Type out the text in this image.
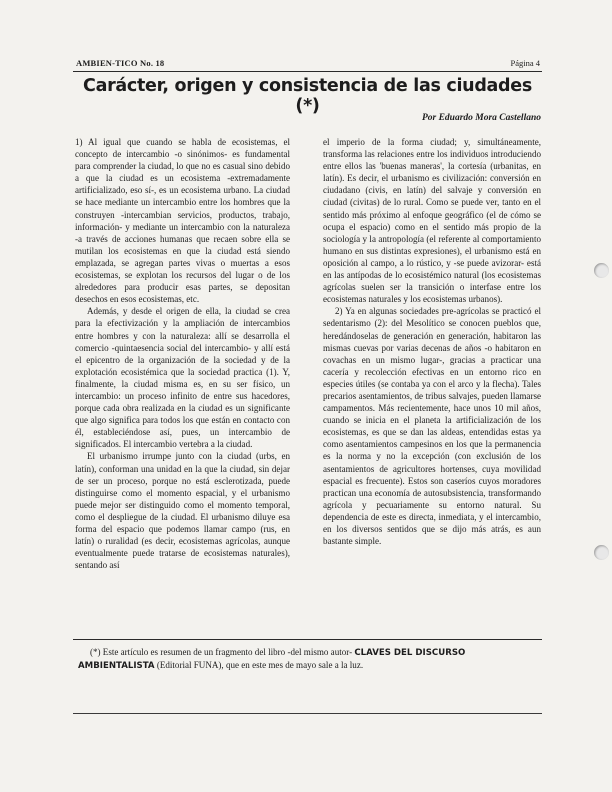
AMBIEN-TICO No. 18	Página 4
Carácter, origen y consistencia de las ciudades (*)
Por Eduardo Mora Castellano

1) Al igual que cuando se habla de ecosistemas, el concepto de intercambio -o sinónimos- es fundamental para comprender la ciudad, lo que no es casual sino debido a que la ciudad es un ecosistema -extremadamente artificializado, eso sí-, es un ecosistema urbano. La ciudad se hace mediante un intercambio entre los hombres que la construyen -intercambian servicios, productos, trabajo, información- y mediante un intercambio con la naturaleza -a través de acciones humanas que recaen sobre ella se mutilan los ecosistemas en que la ciudad está siendo emplazada, se agregan partes vivas o muertas a esos ecosistemas, se explotan los recursos del lugar o de los alrededores para producir esas partes, se depositan desechos en esos ecosistemas, etc.

Además, y desde el origen de ella, la ciudad se crea para la efectivización y la ampliación de intercambios entre hombres y con la naturaleza: allí se desarrolla el comercio -quintaesencia social del intercambio- y allí está el epicentro de la organización de la sociedad y de la explotación ecosistémica que la sociedad practica (1). Y, finalmente, la ciudad misma es, en su ser físico, un intercambio: un proceso infinito de entre sus hacedores, porque cada obra realizada en la ciudad es un significante que algo significa para todos los que están en contacto con él, estableciéndose así, pues, un intercambio de significados. El intercambio vertebra a la ciudad.

El urbanismo irrumpe junto con la ciudad (urbs, en latín), conforman una unidad en la que la ciudad, sin dejar de ser un proceso, porque no está esclerotizada, puede distinguirse como el momento espacial, y el urbanismo puede mejor ser distinguido como el momento temporal, como el despliegue de la ciudad. El urbanismo diluye esa forma del espacio que podemos llamar campo (rus, en latín) o ruralidad (es decir, ecosistemas agrícolas, aunque eventualmente puede tratarse de ecosistemas naturales), sentando así

el imperio de la forma ciudad; y, simultáneamente, transforma las relaciones entre los individuos introduciendo entre ellos las 'buenas maneras', la cortesía (urbanitas, en latín). Es decir, el urbanismo es civilización: conversión en ciudadano (civis, en latín) del salvaje y conversión en ciudad (civitas) de lo rural. Como se puede ver, tanto en el sentido más próximo al enfoque geográfico (el de cómo se ocupa el espacio) como en el sentido más propio de la sociología y la antropología (el referente al comportamiento humano en sus distintas expresiones), el urbanismo está en oposición al campo, a lo rústico, y -se puede avizorar- está en las antípodas de lo ecosistémico natural (los ecosistemas agrícolas suelen ser la transición o interfase entre los ecosistemas naturales y los ecosistemas urbanos).

2) Ya en algunas sociedades pre-agrícolas se practicó el sedentarismo (2): del Mesolítico se conocen pueblos que, heredándoselas de generación en generación, habitaron las mismas cuevas por varias decenas de años -o habitaron en covachas en un mismo lugar-, gracias a practicar una cacería y recolección efectivas en un entorno rico en especies útiles (se contaba ya con el arco y la flecha). Tales precarios asentamientos, de tribus salvajes, pueden llamarse campamentos. Más recientemente, hace unos 10 mil años, cuando se inicia en el planeta la artificialización de los ecosistemas, es que se dan las aldeas, entendidas estas ya como asentamientos campesinos en los que la permanencia es la norma y no la excepción (con exclusión de los asentamientos de agricultores hortenses, cuya movilidad espacial es frecuente). Estos son caseríos cuyos moradores practican una economía de autosubsistencia, transformando agrícola y pecuariamente su entorno natural. Su dependencia de este es directa, inmediata, y el intercambio, en los diversos sentidos que se dijo más atrás, es aun bastante simple.

(*) Este artículo es resumen de un fragmento del libro -del mismo autor- CLAVES DEL DISCURSO AMBIENTALISTA (Editorial FUNA), que en este mes de mayo sale a la luz.
